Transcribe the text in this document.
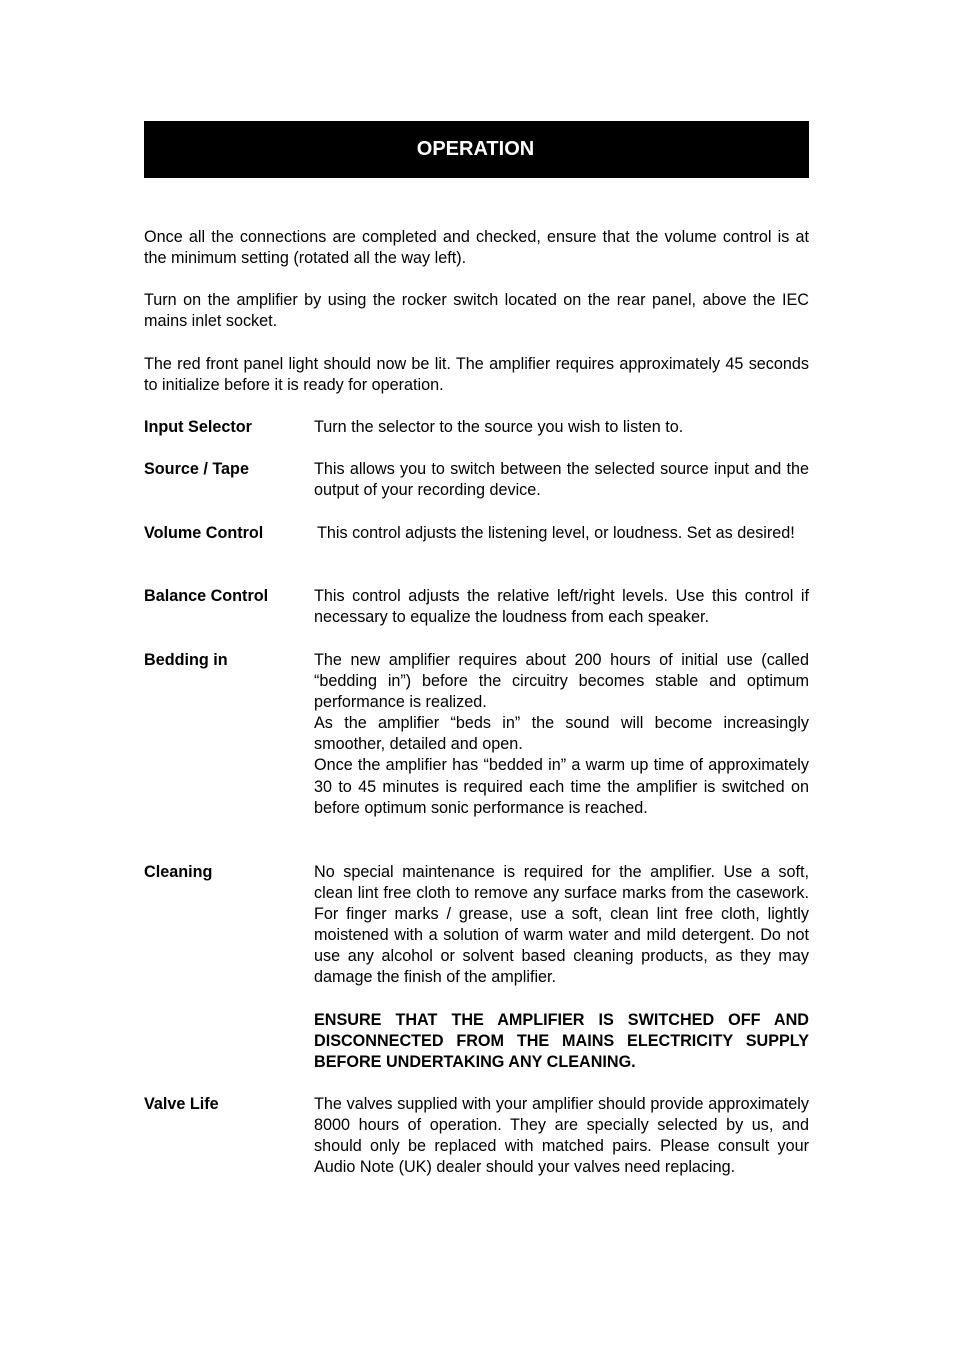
OPERATION

Once all the connections are completed and checked, ensure that the volume control is at the minimum setting (rotated all the way left).

Turn on the amplifier by using the rocker switch located on the rear panel, above the IEC mains inlet socket.

The red front panel light should now be lit. The amplifier requires approximately 45 seconds to initialize before it is ready for operation.

Input Selector	Turn the selector to the source you wish to listen to.
Source / Tape	This allows you to switch between the selected source input and the output of your recording device.
Volume Control	This control adjusts the listening level, or loudness. Set as desired!
Balance Control	This control adjusts the relative left/right levels. Use this control if necessary to equalize the loudness from each speaker.
Bedding in	The new amplifier requires about 200 hours of initial use (called “bedding in”) before the circuitry becomes stable and optimum performance is realized.

As the amplifier “beds in” the sound will become increasingly smoother, detailed and open.

Once the amplifier has “bedded in” a warm up time of approximately 30 to 45 minutes is required each time the amplifier is switched on before optimum sonic performance is reached.

Cleaning	No special maintenance is required for the amplifier. Use a soft, clean lint free cloth to remove any surface marks from the casework. For finger marks / grease, use a soft, clean lint free cloth, lightly moistened with a solution of warm water and mild detergent. Do not use any alcohol or solvent based cleaning products, as they may damage the finish of the amplifier.

ENSURE THAT THE AMPLIFIER IS SWITCHED OFF AND DISCONNECTED FROM THE MAINS ELECTRICITY SUPPLY BEFORE UNDERTAKING ANY CLEANING.

Valve Life	The valves supplied with your amplifier should provide approximately 8000 hours of operation. They are specially selected by us, and should only be replaced with matched pairs. Please consult your Audio Note (UK) dealer should your valves need replacing.
